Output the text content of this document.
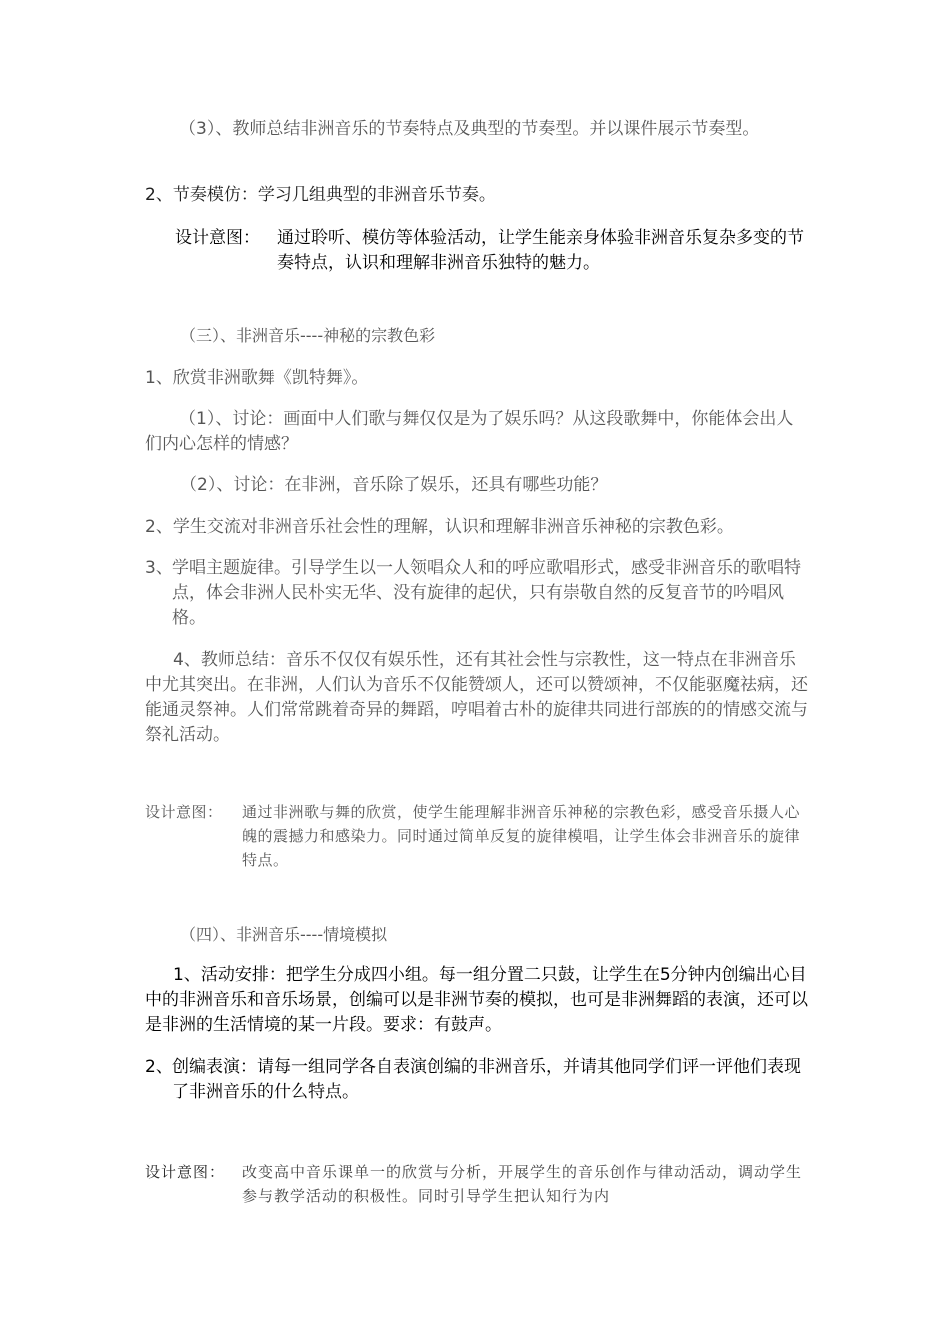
（3）、教师总结非洲音乐的节奏特点及典型的节奏型。并以课件展示节奏型。

2、节奏模仿：学习几组典型的非洲音乐节奏。

设计意图： 通过聆听、模仿等体验活动，让学生能亲身体验非洲音乐复杂多变的节奏特点，认识和理解非洲音乐独特的魅力。

（三）、非洲音乐----神秘的宗教色彩

1、欣赏非洲歌舞《凯特舞》。

（1）、讨论：画面中人们歌与舞仅仅是为了娱乐吗？从这段歌舞中，你能体会出人们内心怎样的情感？

（2）、讨论：在非洲，音乐除了娱乐，还具有哪些功能？

2、学生交流对非洲音乐社会性的理解，认识和理解非洲音乐神秘的宗教色彩。

3、 学唱主题旋律。引导学生以一人领唱众人和的呼应歌唱形式，感受非洲音乐的歌唱特点，体会非洲人民朴实无华、没有旋律的起伏，只有崇敬自然的反复音节的吟唱风格。

4、教师总结：音乐不仅仅有娱乐性，还有其社会性与宗教性，这一特点在非洲音乐中尤其突出。在非洲，人们认为音乐不仅能赞颂人，还可以赞颂神，不仅能驱魔祛病，还能通灵祭神。人们常常跳着奇异的舞蹈，哼唱着古朴的旋律共同进行部族的的情感交流与祭礼活动。

设计意图： 通过非洲歌与舞的欣赏，使学生能理解非洲音乐神秘的宗教色彩，感受音乐摄人心魄的震撼力和感染力。同时通过简单反复的旋律模唱，让学生体会非洲音乐的旋律特点。

（四）、非洲音乐----情境模拟

1、活动安排：把学生分成四小组。每一组分置二只鼓，让学生在5分钟内创编出心目中的非洲音乐和音乐场景，创编可以是非洲节奏的模拟，也可是非洲舞蹈的表演，还可以是非洲的生活情境的某一片段。要求：有鼓声。

2、 创编表演：请每一组同学各自表演创编的非洲音乐，并请其他同学们评一评他们表现了非洲音乐的什么特点。
设计意图： 改变高中音乐课单一的欣赏与分析，开展学生的音乐创作与律动活动，调动学生参与教学活动的积极性。同时引导学生把认知行为内
